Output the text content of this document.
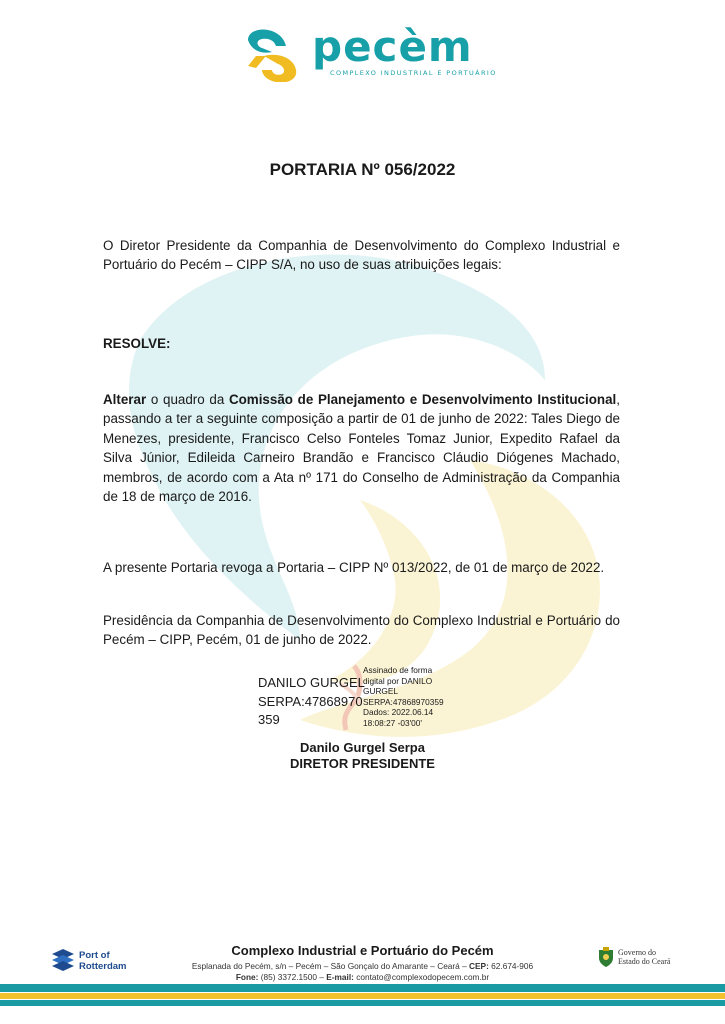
pecèm
COMPLEXO INDUSTRIAL E PORTUÁRIO
PORTARIA Nº 056/2022
O Diretor Presidente da Companhia de Desenvolvimento do Complexo Industrial e Portuário do Pecém – CIPP S/A, no uso de suas atribuições legais:
RESOLVE:
Alterar o quadro da Comissão de Planejamento e Desenvolvimento Institucional, passando a ter a seguinte composição a partir de 01 de junho de 2022: Tales Diego de Menezes, presidente, Francisco Celso Fonteles Tomaz Junior, Expedito Rafael da Silva Júnior, Edileida Carneiro Brandão e Francisco Cláudio Diógenes Machado, membros, de acordo com a Ata nº 171 do Conselho de Administração da Companhia de 18 de março de 2016.
A presente Portaria revoga a Portaria – CIPP Nº 013/2022, de 01 de março de 2022.
Presidência da Companhia de Desenvolvimento do Complexo Industrial e Portuário do Pecém – CIPP, Pecém, 01 de junho de 2022.
DANILO GURGEL
SERPA:47868970
359
Assinado de forma
digital por DANILO
GURGEL
SERPA:47868970359
Dados: 2022.06.14
18:08:27 -03'00'
Danilo Gurgel Serpa
DIRETOR PRESIDENTE
Port of
Rotterdam
Complexo Industrial e Portuário do Pecém
Esplanada do Pecém, s/n – Pecém – São Gonçalo do Amarante – Ceará – CEP: 62.674-906
Fone: (85) 3372.1500 – E-mail: contato@complexodopecem.com.br
Governo do
Estado do Ceará
